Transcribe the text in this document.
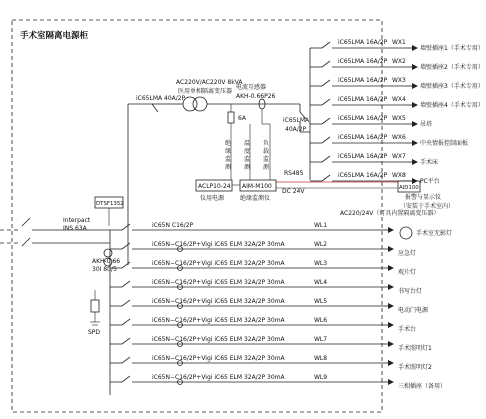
手术室隔离电源柜
iC65LMA 40A/2P
AC220V/AC220V 8kVA
医用单相隔离变压器
电流互感器
AKH-0.66P26
6A
绝缘监测
温度监测
负载监测
ACLP10-24 AIM-M100
仪用电源	绝缘监测仪
RS485
DC 24V	AID100
报警与显示仪
（安装于手术室内）
iC65LMA
40A/2P
iC65LMA 16A/2P WX1
墙壁插座1（手术专用）
iC65LMA 16A/2P WX2
墙壁插座2（手术专用）
iC65LMA 16A/2P WX3
墙壁插座3（手术专用）
iC65LMA 16A/2P WX4
墙壁插座4（手术专用）
iC65LMA 16A/2P WX5
吊塔
iC65LMA 16A/2P WX6
中央情报控制面板
iC65LMA 16A/2P WX7
手术床
iC65LMA 16A/2P WX8
PC平台
Interpact
INS 63A
DTSF1352
AKH-0.66
30I 80/5
SPD
iC65N C16/2P	WL1
手术室无影灯
iC65N−C16/2P+Vigi iC65 ELM 32A/2P 30mA	WL2
应急灯
iC65N−C16/2P+Vigi iC65 ELM 32A/2P 30mA	WL3
观片灯
iC65N−C16/2P+Vigi iC65 ELM 32A/2P 30mA	WL4
书写台灯
iC65N−C16/2P+Vigi iC65 ELM 32A/2P 30mA	WL5
电动门电源
iC65N−C16/2P+Vigi iC65 ELM 32A/2P 30mA	WL6
手术台
iC65N−C16/2P+Vigi iC65 ELM 32A/2P 30mA	WL7
手术照明灯1
iC65N−C16/2P+Vigi iC65 ELM 32A/2P 30mA	WL8
手术照明灯2
iC65N−C16/2P+Vigi iC65 ELM 32A/2P 30mA	WL9
三相插座（备用）
AC220/24V（灯具内置隔离变压器）
